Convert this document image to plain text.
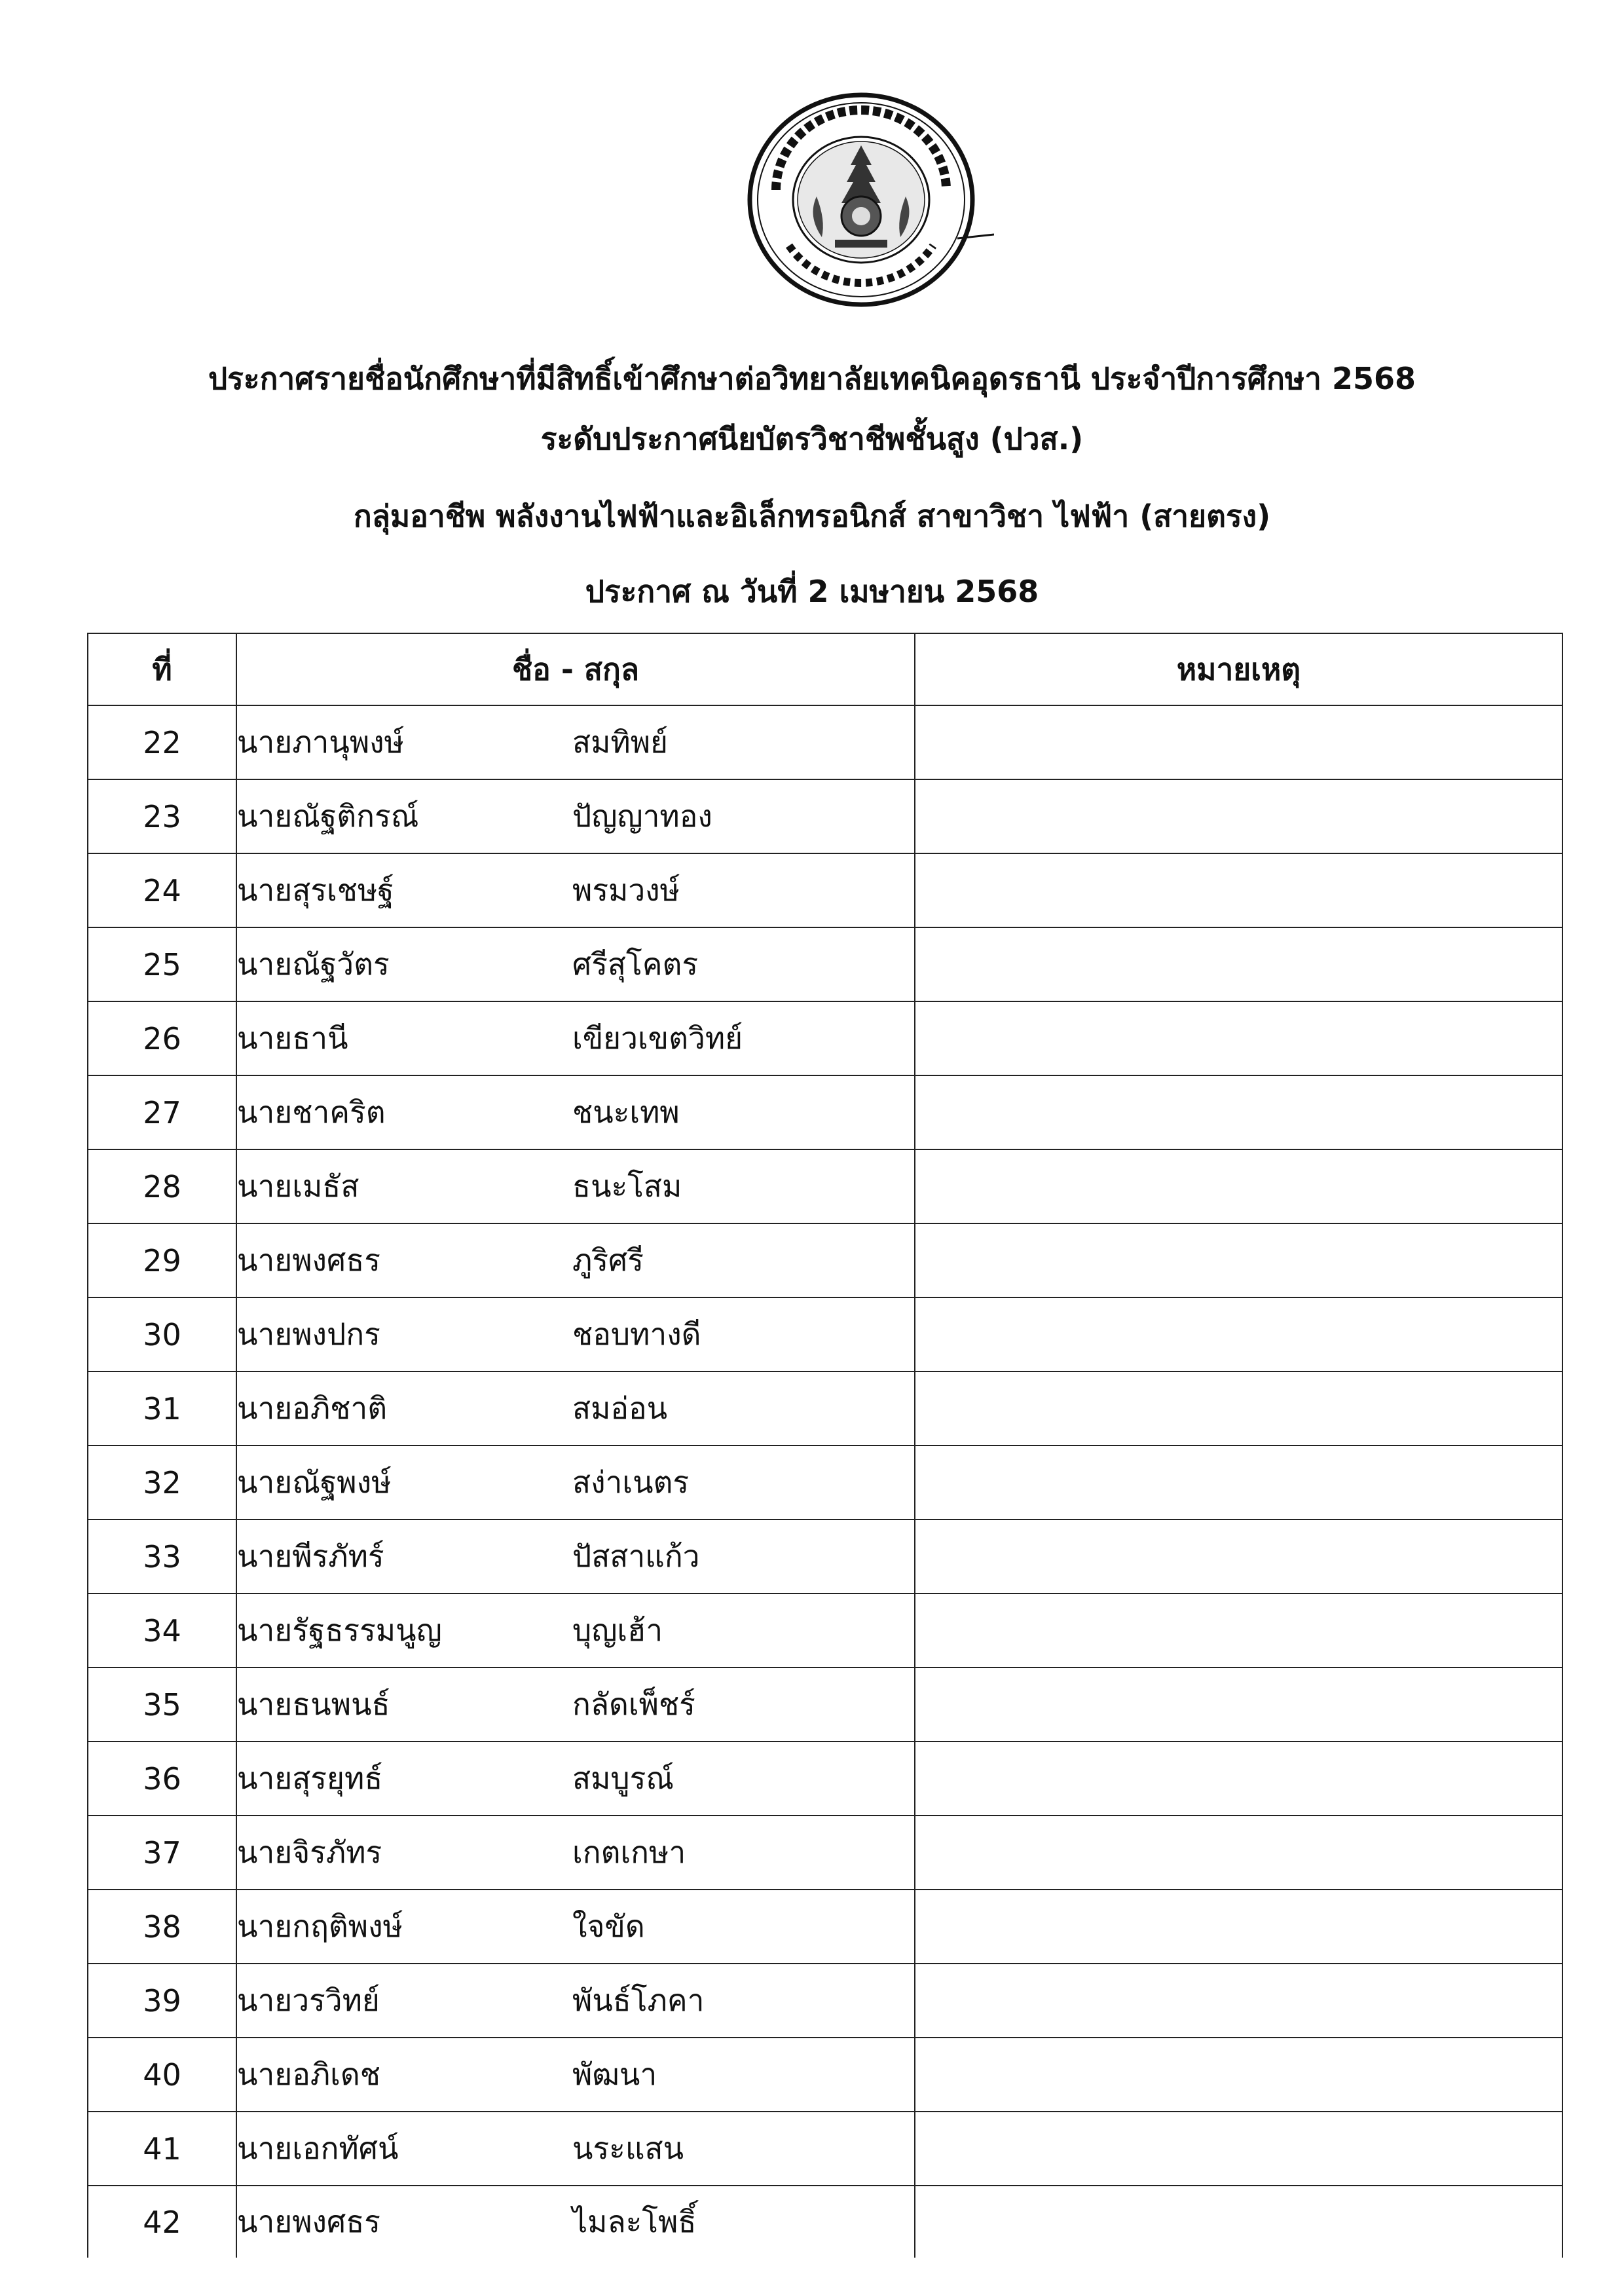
ประกาศรายชื่อนักศึกษาที่มีสิทธิ์เข้าศึกษาต่อวิทยาลัยเทคนิคอุดรธานี ประจำปีการศึกษา 2568
ระดับประกาศนียบัตรวิชาชีพชั้นสูง (ปวส.)
กลุ่มอาชีพ พลังงานไฟฟ้าและอิเล็กทรอนิกส์ สาขาวิชา ไฟฟ้า (สายตรง)
ประกาศ ณ วันที่ 2 เมษายน 2568
ที่	ชื่อ - สกุล	หมายเหตุ
22	นายภานุพงษ์ สมทิพย์	
23	นายณัฐติกรณ์ ปัญญาทอง	
24	นายสุรเชษฐ์ พรมวงษ์	
25	นายณัฐวัตร ศรีสุโคตร	
26	นายธานี เขียวเขตวิทย์	
27	นายชาคริต ชนะเทพ	
28	นายเมธัส ธนะโสม	
29	นายพงศธร ภูริศรี	
30	นายพงปกร ชอบทางดี	
31	นายอภิชาติ สมอ่อน	
32	นายณัฐพงษ์ สง่าเนตร	
33	นายพีรภัทร์ ปัสสาแก้ว	
34	นายรัฐธรรมนูญ บุญเฮ้า	
35	นายธนพนธ์ กลัดเพ็ชร์	
36	นายสุรยุทธ์ สมบูรณ์	
37	นายจิรภัทร เกตเกษา	
38	นายกฤติพงษ์ ใจขัด	
39	นายวรวิทย์ พันธ์โภคา	
40	นายอภิเดช พัฒนา	
41	นายเอกทัศน์ นระแสน	
42	นายพงศธร ไมละโพธิ์	
